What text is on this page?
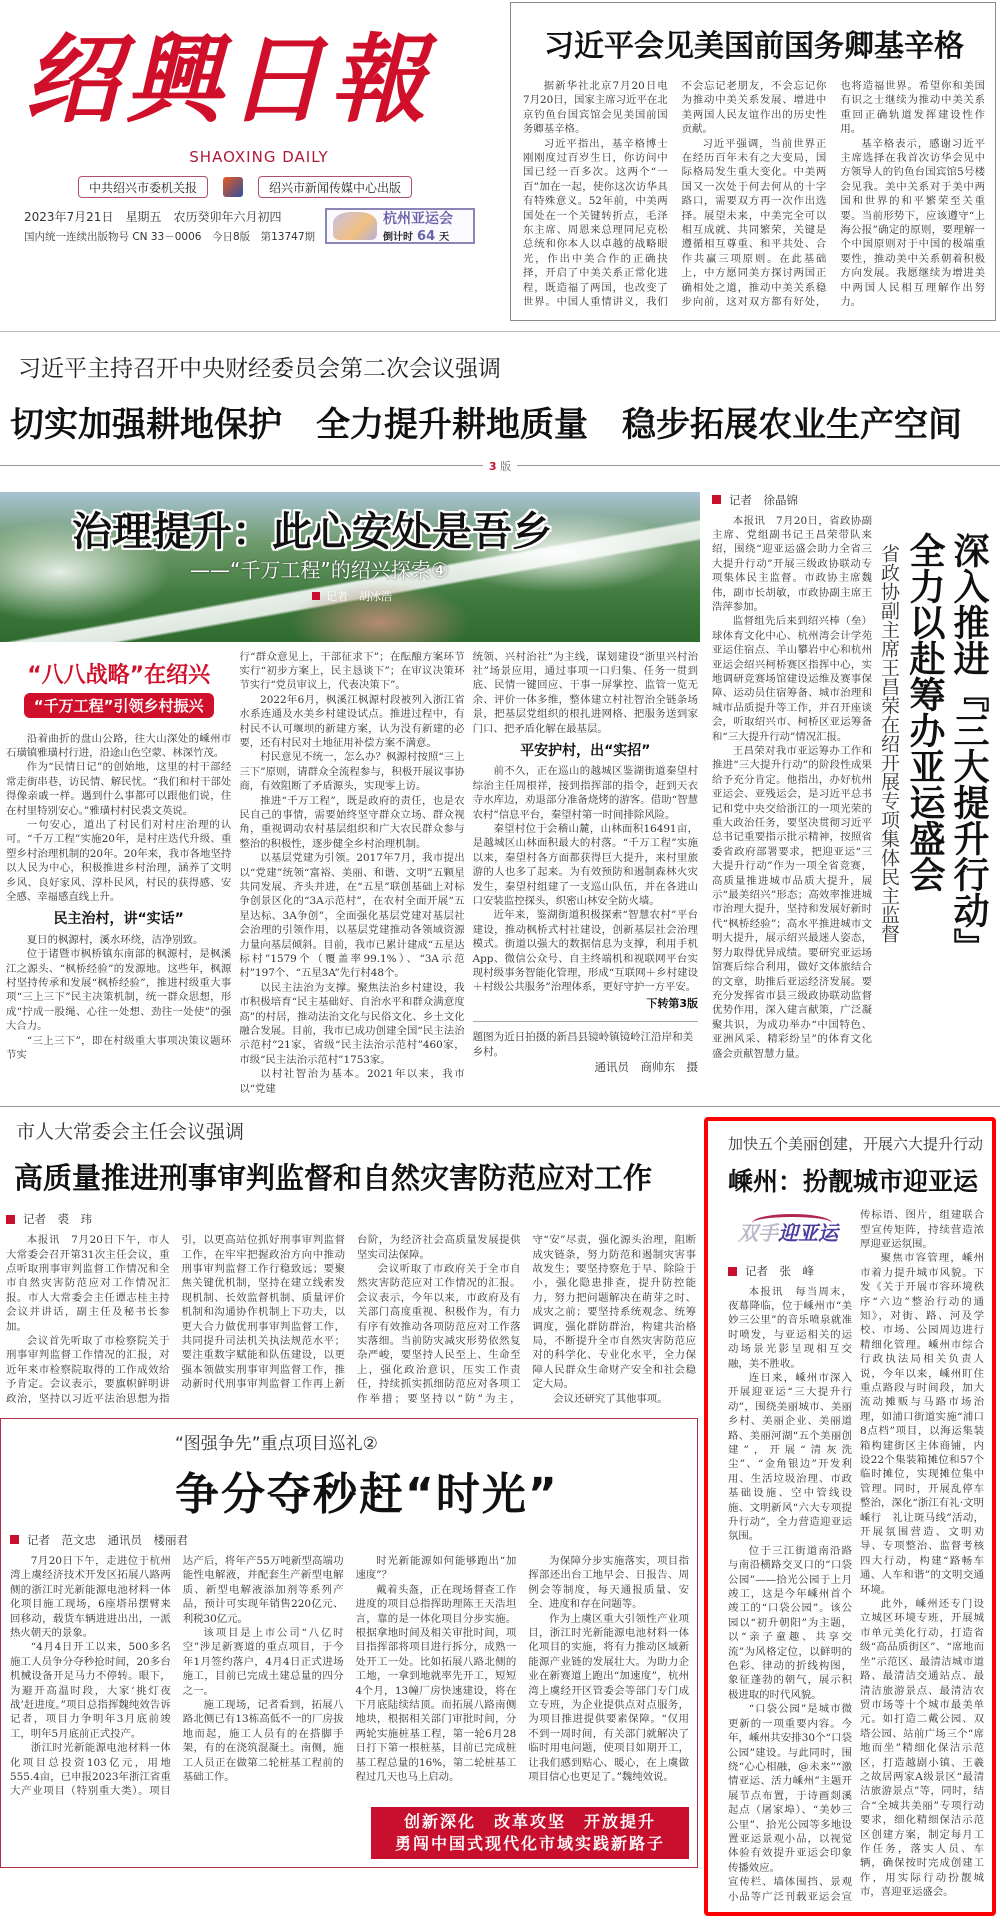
绍興日報
SHAOXING DAILY
中共绍兴市委机关报	绍兴市新闻传媒中心出版
2023年7月21日　星期五　农历癸卯年六月初四
国内统一连续出版物号 CN 33－0006　今日8版　第13747期
杭州亚运会
倒计时 64 天
习近平会见美国前国务卿基辛格

据新华社北京7月20日电　7月20日，国家主席习近平在北京钓鱼台国宾馆会见美国前国务卿基辛格。

习近平指出，基辛格博士刚刚度过百岁生日，你访问中国已经一百多次。这两个“一百”加在一起，使你这次访华具有特殊意义。52年前，中美两国处在一个关键转折点，毛泽东主席、周恩来总理同尼克松总统和你本人以卓越的战略眼光，作出中美合作的正确抉择，开启了中美关系正常化进程，既造福了两国，也改变了世界。中国人重情讲义，我们不会忘记老朋友，不会忘记你为推动中美关系发展、增进中美两国人民友谊作出的历史性贡献。

习近平强调，当前世界正在经历百年未有之大变局，国际格局发生重大变化。中美两国又一次处于何去何从的十字路口，需要双方再一次作出选择。展望未来，中美完全可以相互成就、共同繁荣，关键是遵循相互尊重、和平共处、合作共赢三项原则。在此基础上，中方愿同美方探讨两国正确相处之道，推动中美关系稳步向前，这对双方都有好处，也将造福世界。希望你和美国有识之士继续为推动中美关系重回正确轨道发挥建设性作用。

基辛格表示，感谢习近平主席选择在我首次访华会见中方领导人的钓鱼台国宾馆5号楼会见我。美中关系对于美中两国和世界的和平繁荣至关重要。当前形势下，应该遵守“上海公报”确定的原则，要理解一个中国原则对于中国的极端重要性，推动美中关系朝着积极方向发展。我愿继续为增进美中两国人民相互理解作出努力。

习近平主持召开中央财经委员会第二次会议强调
切实加强耕地保护　全力提升耕地质量　稳步拓展农业生产空间
3 版
治理提升：此心安处是吾乡
——“千万工程”的绍兴探索④
记者　胡冰浩
“八八战略”在绍兴
“千万工程”引领乡村振兴

沿着曲折的盘山公路，往大山深处的嵊州市石璜镇雅璜村行进，沿途山色空蒙、林深竹茂。

作为“民情日记”的创始地，这里的村干部经常走街串巷，访民情、解民忧。“我们和村干部处得像亲戚一样。遇到什么事都可以跟他们说，住在村里特别安心。”雅璜村村民裘文英说。

一句安心，道出了村民们对村庄治理的认可。“千万工程”实施20年，是村庄迭代升级、重塑乡村治理机制的20年。20年来，我市各地坚持以人民为中心，积极推进乡村治理，涵养了文明乡风、良好家风、淳朴民风，村民的获得感、安全感、幸福感直线上升。

民主治村，讲“实话”

夏日的枫源村，溪水环绕，洁净别致。

位于诸暨市枫桥镇东南部的枫源村，是枫溪江之源头、“枫桥经验”的发源地。这些年，枫源村坚持传承和发展“枫桥经验”，推进村级重大事项“三上三下”民主决策机制，统一群众思想，形成“拧成一股绳、心往一处想、劲往一处使”的强大合力。

“三上三下”，即在村级重大事项决策议题环节实

行“群众意见上，干部征求下”；在酝酿方案环节实行“初步方案上，民主恳谈下”；在审议决策环节实行“党员审议上，代表决策下”。

2022年6月，枫溪江枫源村段被列入浙江省水系连通及水美乡村建设试点。推进过程中，有村民不认可堰坝的新建方案，认为没有新建的必要，还有村民对土地征用补偿方案不满意。

村民意见不统一，怎么办？枫源村按照“三上三下”原则，请群众全流程参与，积极开展议事协商，有效阻断了矛盾源头，实现零上访。

推进“千万工程”，既是政府的责任，也是农民自己的事情，需要始终坚守群众立场、群众视角，重视调动农村基层组织和广大农民群众参与整治的积极性，逐步健全乡村治理机制。

以基层党建为引领。2017年7月，我市提出以“党建”统领“富裕、美丽、和谐、文明”五颗星共同发展、齐头并进，在“五星”联创基础上对标争创景区化的“3A示范村”，在农村全面开展“五星达标、3A争创”，全面强化基层党建对基层社会治理的引领作用，以基层党建推动各领域资源力量向基层倾斜。目前，我市已累计建成“五星达标村”1579个（覆盖率99.1%）、“3A示范村”197个、“五星3A”先行村48个。

以民主法治为支撑。聚焦法治乡村建设，我市积极培育“民主基础好、自治水平和群众满意度高”的村居，推动法治文化与民俗文化、乡土文化融合发展。目前，我市已成功创建全国“民主法治示范村”21家，省级“民主法治示范村”460家，市级“民主法治示范村”1753家。

以村社智治为基本。2021年以来，我市以“党建

统领、兴村治社”为主线，谋划建设“浙里兴村治社”场景应用，通过事项一口归集、任务一贯到底、民情一键回应、干事一屏掌控、监管一览无余、评价一体多维，整体建立村社智治全链条场景，把基层党组织的根扎进网格、把服务送到家门口、把矛盾化解在最基层。

平安护村，出“实招”

前不久，正在巡山的越城区鉴湖街道秦望村综治主任周根祥，接到指挥部的指令，赶到天衣寺水库边，劝退部分准备烧烤的游客。借助“智慧农村”信息平台，秦望村第一时间排除风险。

秦望村位于会稽山麓，山林面积16491亩，是越城区山林面积最大的村落。“千万工程”实施以来，秦望村各方面都获得巨大提升，来村里旅游的人也多了起来。为有效预防和遏制森林火灾发生，秦望村组建了一支巡山队伍，并在各进山口安装监控探头，织密山林安全防火墙。

近年来，鉴湖街道积极探索“智慧农村”平台建设，推动枫桥式村社建设，创新基层社会治理模式。街道以强大的数据信息为支撑，利用手机App、微信公众号、自主终端机和视联网平台实现村级事务智能化管理，形成“互联网＋乡村建设＋村级公共服务”治理体系，更好守护一方平安。

下转第3版
题图为近日拍摄的新昌县镜岭镇镜岭江沿岸和美乡村。
通讯员　商帅东　摄
记者　徐晶锦

本报讯　7月20日，省政协副主席、党组副书记王昌荣带队来绍，围绕“迎亚运盛会助力全省三大提升行动”开展三级政协联动专项集体民主监督。市政协主席魏伟，副市长胡敏，市政协副主席王浩萍参加。

监督组先后来到绍兴棒（垒）球体育文化中心、杭州湾会计学苑亚运住宿点、羊山攀岩中心和杭州亚运会绍兴柯桥赛区指挥中心，实地调研竞赛场馆建设运维及赛事保障、运动员住宿筹备、城市治理和城市品质提升等工作，并召开座谈会，听取绍兴市、柯桥区亚运筹备和“三大提升行动”情况汇报。

王昌荣对我市亚运筹办工作和推进“三大提升行动”的阶段性成果给予充分肯定。他指出，办好杭州亚运会、亚残运会，是习近平总书记和党中央交给浙江的一项光荣的重大政治任务，要坚决贯彻习近平总书记重要指示批示精神，按照省委省政府部署要求，把迎亚运“三大提升行动”作为一项全省竞赛，高质量推进城市品质大提升，展示“最美绍兴”形态；高效率推进城市治理大提升，坚持和发展好新时代“枫桥经验”；高水平推进城市文明大提升，展示绍兴最迷人姿态，努力取得优异成绩。要研究亚运场馆赛后综合利用，做好文体旅结合的文章，助推后亚运经济发展。要充分发挥省市县三级政协联动监督优势作用，深入建言献策，广泛凝聚共识，为成功举办“中国特色、亚洲风采、精彩纷呈”的体育文化盛会贡献智慧力量。

深入推进『三大提升行动』
全力以赴筹办亚运盛会
省政协副主席王昌荣在绍开展专项集体民主监督
市人大常委会主任会议强调
高质量推进刑事审判监督和自然灾害防范应对工作
记者　裘　玮

本报讯　7月20日下午，市人大常委会召开第31次主任会议，重点听取刑事审判监督工作情况和全市自然灾害防范应对工作情况汇报。市人大常委会主任谭志桂主持会议并讲话，副主任及秘书长参加。

会议首先听取了市检察院关于刑事审判监督工作情况的汇报，对近年来市检察院取得的工作成效给予肯定。会议表示，要旗帜鲜明讲政治，坚持以习近平法治思想为指引，以更高站位抓好刑事审判监督工作，在牢牢把握政治方向中推动刑事审判监督工作行稳致远；要聚焦关键优机制，坚持在建立线索发现机制、长效监督机制、质量评价机制和沟通协作机制上下功夫，以更大合力做优刑事审判监督工作，共同提升司法机关执法规范水平；要注重数字赋能和队伍建设，以更强本领做实刑事审判监督工作，推动新时代刑事审判监督工作再上新台阶，为经济社会高质量发展提供坚实司法保障。

会议听取了市政府关于全市自然灾害防范应对工作情况的汇报。会议表示，今年以来，市政府及有关部门高度重视、积极作为，有力有序有效推动各项防范应对工作落实落细。当前防灾减灾形势依然复杂严峻，要坚持人民至上、生命至上，强化政治意识，压实工作责任，持续抓实抓细防范应对各项工作举措；要坚持以“防”为主，守“安”尽责，强化源头治理，阻断成灾链条，努力防范和遏制灾害事故发生；要坚持察危于早、除险于小，强化隐患排查，提升防控能力，努力把问题解决在萌芽之时、成灾之前；要坚持系统观念、统筹调度，强化群防群治，构建共治格局，不断提升全市自然灾害防范应对的科学化、专业化水平，全力保障人民群众生命财产安全和社会稳定大局。

会议还研究了其他事项。

“图强争先”重点项目巡礼②
争分夺秒赶“时光”
记者　范文忠　通讯员　楼丽君

7月20日下午，走进位于杭州湾上虞经济技术开发区拓展八路两侧的浙江时光新能源电池材料一体化项目施工现场，6座塔吊摆臂来回移动，载货车辆进进出出，一派热火朝天的景象。

“4月4日开工以来，500多名施工人员争分夺秒抢时间，20多台机械设备开足马力不停转。眼下，为避开高温时段，大家‘挑灯夜战’赶进度。”项目总指挥魏纯效告诉记者，项目力争明年3月底前竣工，明年5月底前正式投产。

浙江时光新能源电池材料一体化项目总投资103亿元，用地555.4亩，已申报2023年浙江省重大产业项目（特别重大类）。项目达产后，将年产55万吨新型高端功能性电解液，并配套生产新型电解质、新型电解液添加剂等系列产品，预计可实现年销售220亿元、利税30亿元。

该项目是上市公司“八亿时空”涉足新赛道的重点项目，于今年1月签约落户，4月4日正式进场施工，目前已完成土建总量的四分之一。

施工现场，记者看到，拓展八路北侧已有13栋高低不一的厂房拔地而起，施工人员有的在搭脚手架，有的在浇筑混凝土。南侧，施工人员正在做第二轮桩基工程前的基础工作。

时光新能源如何能够跑出“加速度”？

戴着头盔，正在现场督查工作进度的项目总指挥助理陈王天浩坦言，靠的是一体化项目分步实施。根据拿地时间及相关审批时间，项目指挥部将项目进行拆分，成熟一处开工一处。比如拓展八路北侧的工地，一拿到地就率先开工，短短4个月，13幢厂房快速建设，将在下月底陆续结顶。而拓展八路南侧地块，根据相关部门审批时间，分两轮实施桩基工程，第一轮6月28日打下第一根桩基，目前已完成桩基工程总量的16%，第二轮桩基工程过几天也马上启动。

为保障分步实施落实，项目指挥部还出台工地早会、日报告、周例会等制度，每天通报质量、安全、进度和存在问题等。

作为上虞区重大引领性产业项目，浙江时光新能源电池材料一体化项目的实施，将有力推动区域新能源产业链的发展壮大。为助力企业在新赛道上跑出“加速度”，杭州湾上虞经开区管委会等部门专门成立专班，为企业提供点对点服务，为项目推进提供要素保障。“仅用不到一周时间，有关部门就解决了临时用电问题，使项目如期开工，让我们感到贴心、暖心，在上虞做项目信心也更足了。”魏纯效说。

创新深化　改革攻坚　开放提升
勇闯中国式现代化市域实践新路子
加快五个美丽创建，开展六大提升行动
嵊州：扮靓城市迎亚运
双手迎亚运
记者　张　峰

本报讯　每当周末，夜幕降临，位于嵊州市“美妙三公里”的音乐喷泉就准时喷发，与亚运相关的运动场景光影呈现相互交融，美不胜收。

连日来，嵊州市深入开展迎亚运“三大提升行动”，围绕美丽城市、美丽乡村、美丽企业、美丽道路、美丽河湖“五个美丽创建”，开展“清灰洗尘”、“金角银边”开发利用、生活垃圾治理、市政基础设施、空中管线设施、文明新风“六大专项提升行动”，全力营造迎亚运氛围。

位于三江街道南沿路与南沿横路交叉口的“口袋公园”——拾光公园于上月竣工，这是今年嵊州首个竣工的“口袋公园”。该公园以“初升朝阳”为主题，以“亲子童趣、共享交流”为风格定位，以鲜明的色彩、律动的折线构图，象征蓬勃的朝气，展示积极进取的时代风貌。

“口袋公园”是城市微更新的一项重要内容。今年，嵊州共安排30个“口袋公园”建设。与此同时，围绕“心心相融，@未来”“激情亚运、活力嵊州”主题开展节点布置，于诗画剡溪起点（屠家埠）、“美妙三公里”、拾光公园等多地设置亚运景观小品，以视觉体验有效提升亚运会印象传播效应。

宣传栏、墙体围挡、景观小品等广泛刊载亚运会宣传标语、图片，组建联合型宣传矩阵，持续营造浓厚迎亚运氛围。

聚焦市容管理，嵊州市着力提升城市风貌。下发《关于开展市容环境秩序“六边”整治行动的通知》，对街、路、河及学校、市场、公园周边进行精细化管理。嵊州市综合行政执法局相关负责人说，今年以来，嵊州盯住重点路段与时间段，加大流动摊贩与马路市场治理，如浦口街道实施“浦口8点档”项目，以海运集装箱构建街区主体商铺，内设22个集装箱摊位和57个临时摊位，实现摊位集中管理。同时，开展乱停车整治，深化“浙江有礼·文明嵊行　礼让斑马线”活动，开展氛围营造、文明劝导、专项整治、监督考核四大行动，构建“路畅车通、人车和谐”的文明交通环境。

此外，嵊州还专门设立城区环境专班，开展城市单元美化行动，打造省级“高品质街区”、“席地而坐”示范区、最清洁城市道路、最清洁交通站点、最清洁旅游景点、最清洁农贸市场等十个城市最美单元。如打造二戴公园、双塔公园、站前广场三个“席地而坐”精细化保洁示范区，打造越剧小镇、王羲之故居两家A级景区“最清洁旅游景点”等，同时，结合“全城共美丽”专项行动要求，细化精细保洁示范区创建方案，制定每月工作任务，落实人员、车辆，确保按时完成创建工作，用实际行动扮靓城市，喜迎亚运盛会。
